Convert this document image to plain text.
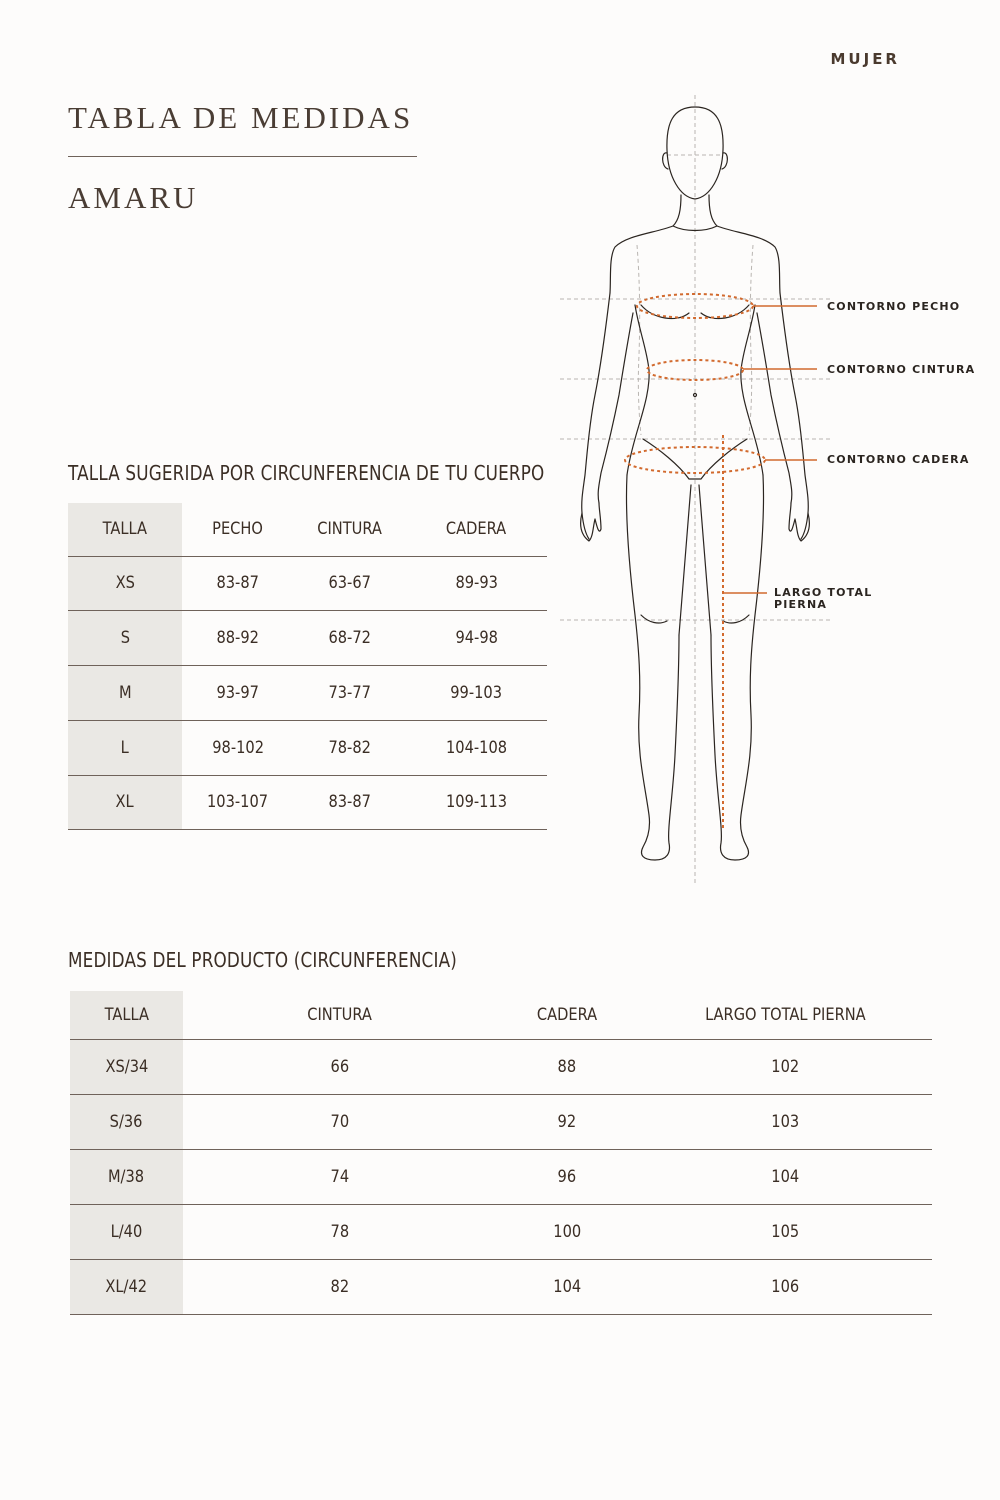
MUJER
TABLA DE MEDIDAS
AMARU
CONTORNO PECHO
CONTORNO CINTURA
CONTORNO CADERA
LARGO TOTAL
PIERNA
TALLA SUGERIDA POR CIRCUNFERENCIA DE TU CUERPO
TALLA	PECHO	CINTURA	CADERA
XS	83-87	63-67	89-93
S	88-92	68-72	94-98
M	93-97	73-77	99-103
L	98-102	78-82	104-108
XL	103-107	83-87	109-113
MEDIDAS DEL PRODUCTO (CIRCUNFERENCIA)
TALLA	CINTURA	CADERA	LARGO TOTAL PIERNA
XS/34	66	88	102
S/36	70	92	103
M/38	74	96	104
L/40	78	100	105
XL/42	82	104	106
